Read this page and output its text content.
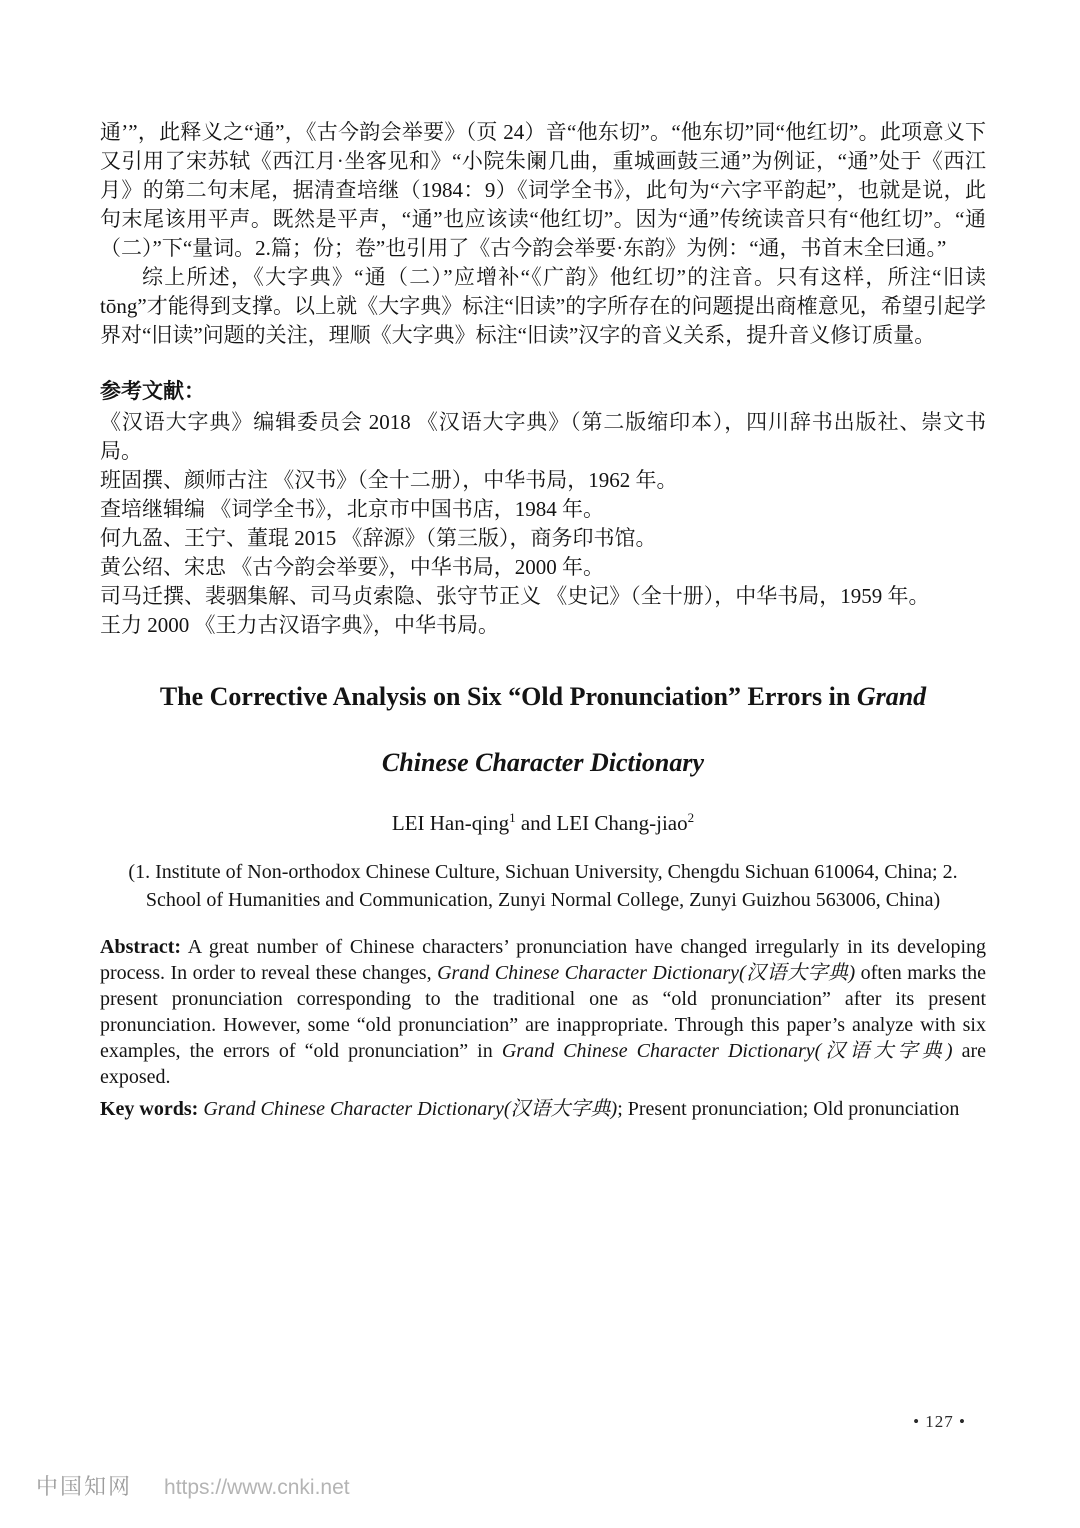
通’”，此释义之“通”，《古今韵会举要》（页 24）音“他东切”。“他东切”同“他红切”。此项意义下又引用了宋苏轼《西江月·坐客见和》“小院朱阑几曲，重城画鼓三通”为例证，“通”处于《西江月》的第二句末尾，据清查培继（1984：9）《词学全书》，此句为“六字平韵起”，也就是说，此句末尾该用平声。既然是平声，“通”也应该读“他红切”。因为“通”传统读音只有“他红切”。“通（二）”下“量词。2.篇；份；卷”也引用了《古今韵会举要·东韵》为例：“通，书首末全曰通。”

综上所述，《大字典》“通（二）”应增补“《广韵》他红切”的注音。只有这样，所注“旧读 tōng”才能得到支撑。以上就《大字典》标注“旧读”的字所存在的问题提出商榷意见，希望引起学界对“旧读”问题的关注，理顺《大字典》标注“旧读”汉字的音义关系，提升音义修订质量。

参考文献：
《汉语大字典》编辑委员会 2018 《汉语大字典》（第二版缩印本），四川辞书出版社、崇文书局。
班固撰、颜师古注 《汉书》（全十二册），中华书局，1962 年。
查培继辑编 《词学全书》，北京市中国书店，1984 年。
何九盈、王宁、董琨 2015 《辞源》（第三版），商务印书馆。
黄公绍、宋忠 《古今韵会举要》，中华书局，2000 年。
司马迁撰、裴骃集解、司马贞索隐、张守节正义 《史记》（全十册），中华书局，1959 年。
王力 2000 《王力古汉语字典》，中华书局。
The Corrective Analysis on Six “Old Pronunciation” Errors in Grand
Chinese Character Dictionary
LEI Han-qing$^1$ and LEI Chang-jiao$^2$
(1. Institute of Non-orthodox Chinese Culture, Sichuan University, Chengdu Sichuan 610064, China; 2. School of Humanities and Communication, Zunyi Normal College, Zunyi Guizhou 563006, China)

Abstract: A great number of Chinese characters’ pronunciation have changed irregularly in its developing process. In order to reveal these changes, Grand Chinese Character Dictionary(汉语大字典) often marks the present pronunciation corresponding to the traditional one as “old pronunciation” after its present pronunciation. However, some “old pronunciation” are inappropriate. Through this paper’s analyze with six examples, the errors of “old pronunciation” in Grand Chinese Character Dictionary(汉语大字典) are exposed.

Key words: Grand Chinese Character Dictionary(汉语大字典); Present pronunciation; Old pronunciation

• 127 •
中国知网 https://www.cnki.net
